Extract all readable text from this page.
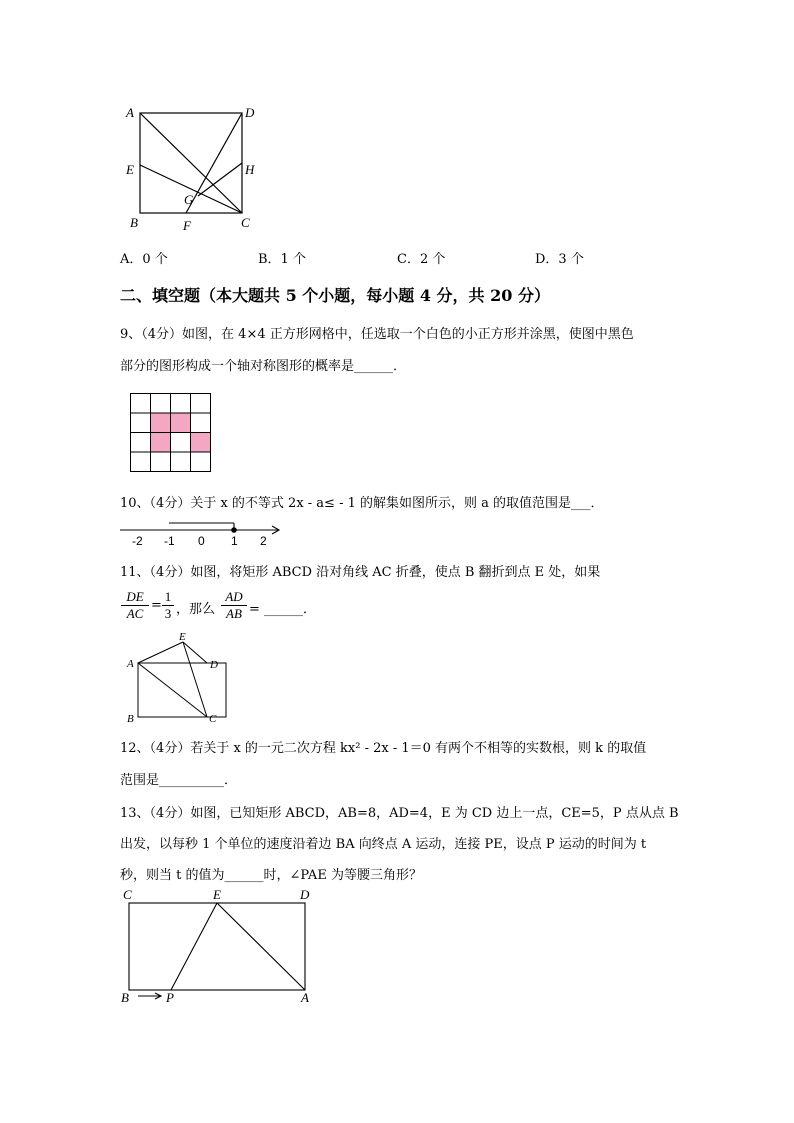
A	D
E	H
G
B	F	C
A．0 个	B．1 个	C．2 个	D．3 个
二、填空题（本大题共 5 个小题，每小题 4 分，共 20 分）
9、（4分）如图，在 4×4 正方形网格中，任选取一个白色的小正方形并涂黑，使图中黑色
部分的图形构成一个轴对称图形的概率是______．
10、（4分）关于 x 的不等式 2x - a≤ - 1 的解集如图所示，则 a 的取值范围是___．
-2 -1 0 1 2
11、（4分）如图，将矩形 ABCD 沿对角线 AC 折叠，使点 B 翻折到点 E 处，如果
$\frac{DE}{AC} = \frac{1}{3}$ ，那么 $\frac{AD}{AB}$ = ______．
A
E
D
B	C
12、（4分）若关于 x 的一元二次方程 kx² - 2x - 1＝0 有两个不相等的实数根，则 k 的取值
范围是__________．
13、（4分）如图，已知矩形 ABCD，AB=8，AD=4，E 为 CD 边上一点，CE=5，P 点从点 B
出发，以每秒 1 个单位的速度沿着边 BA 向终点 A 运动，连接 PE，设点 P 运动的时间为 t
秒，则当 t 的值为______时，∠PAE 为等腰三角形？
C	E	D
B	P	A
